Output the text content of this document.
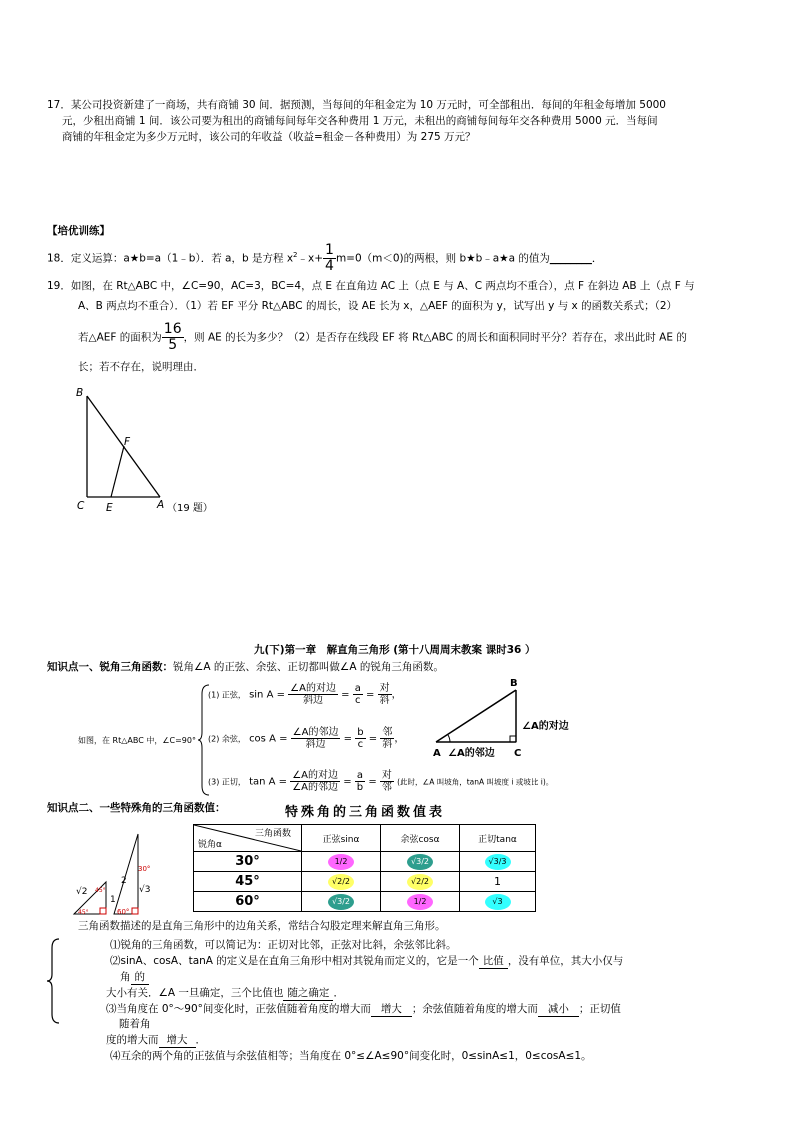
17．某公司投资新建了一商场，共有商铺 30 间．据预测，当每间的年租金定为 10 万元时，可全部租出．每间的年租金每增加 5000
元，少租出商铺 1 间．该公司要为租出的商铺每间每年交各种费用 1 万元，未租出的商铺每间每年交各种费用 5000 元．当每间
商铺的年租金定为多少万元时，该公司的年收益（收益=租金－各种费用）为 275 万元？
【培优训练】
18．定义运算：a★b=a（1﹣b）．若 a，b 是方程 $x^2﹣x+ \frac{1}{4} m=0(m<0)$的两根，则 b★b﹣a★a 的值为________．
19．如图，在 Rt△ABC 中，∠C=90，AC=3，BC=4，点 E 在直角边 AC 上（点 E 与 A、C 两点均不重合），点 F 在斜边 AB 上（点 F 与
A、B 两点均不重合）．（1）若 EF 平分 Rt△ABC 的周长，设 AE 长为 x，△AEF 的面积为 y，试写出 y 与 x 的函数关系式；（2）
若△AEF 的面积为 $\frac{16}{5}$ ，则 AE 的长为多少？（2）是否存在线段 EF 将 Rt△ABC 的周长和面积同时平分？若存在，求出此时 AE 的
长；若不存在，说明理由．
B
F
C E	A （19 题）
九(下)第一章　解直角三角形 (第十八周周末教案 课时36 ）
知识点一、锐角三角函数：锐角∠A 的正弦、余弦、正切都叫做∠A 的锐角三角函数。
如图，在 Rt△ABC 中，∠C=90°
(1) 正弦， $\sin A = \frac{\text{∠A的对边}}{\text{斜边}} = \frac{a}{c} = \frac{\text{对}}{\text{斜}}$ ，
(2) 余弦， $\cos A = \frac{\text{∠A的邻边}}{\text{斜边}} = \frac{b}{c} = \frac{\text{邻}}{\text{斜}}$ ，
(3) 正切， $\tan A = \frac{\text{∠A的对边}}{\text{∠A的邻边}} = \frac{a}{b} = \frac{\text{对}}{\text{邻}}$ (此时，∠A 叫坡角，tanA 叫坡度 i 或坡比 i)。
B
A	C
∠A的对边
∠A的邻边
知识点二、一些特殊角的三角函数值：	特殊角的三角函数值表
√2
1
45°
45°
2
√3
30°
60°
三角函数
锐角α	正弦sinα	余弦cosα	正切tanα
30°	1/2	√3/2	√3/3
45°	√2/2	√2/2	1
60°	√3/2	1/2	√3
三角函数描述的是直角三角形中的边角关系，常结合勾股定理来解直角三角形。
⑴锐角的三角函数，可以简记为：正切对比邻，正弦对比斜，余弦邻比斜。
⑵sinA、cosA、tanA 的定义是在直角三角形中相对其锐角而定义的，它是一个 比值 ，没有单位，其大小仅与
角 的
大小有关．∠A 一旦确定，三个比值也 随之确定 ．
⑶当角度在 0°～90°间变化时，正弦值随着角度的增大而 增大 ；余弦值随着角度的增大而 减小 ；正切值
随着角
度的增大而 增大 ．
⑷互余的两个角的正弦值与余弦值相等；当角度在 0°≤∠A≤90°间变化时，0≤sinA≤1，0≤cosA≤1。
